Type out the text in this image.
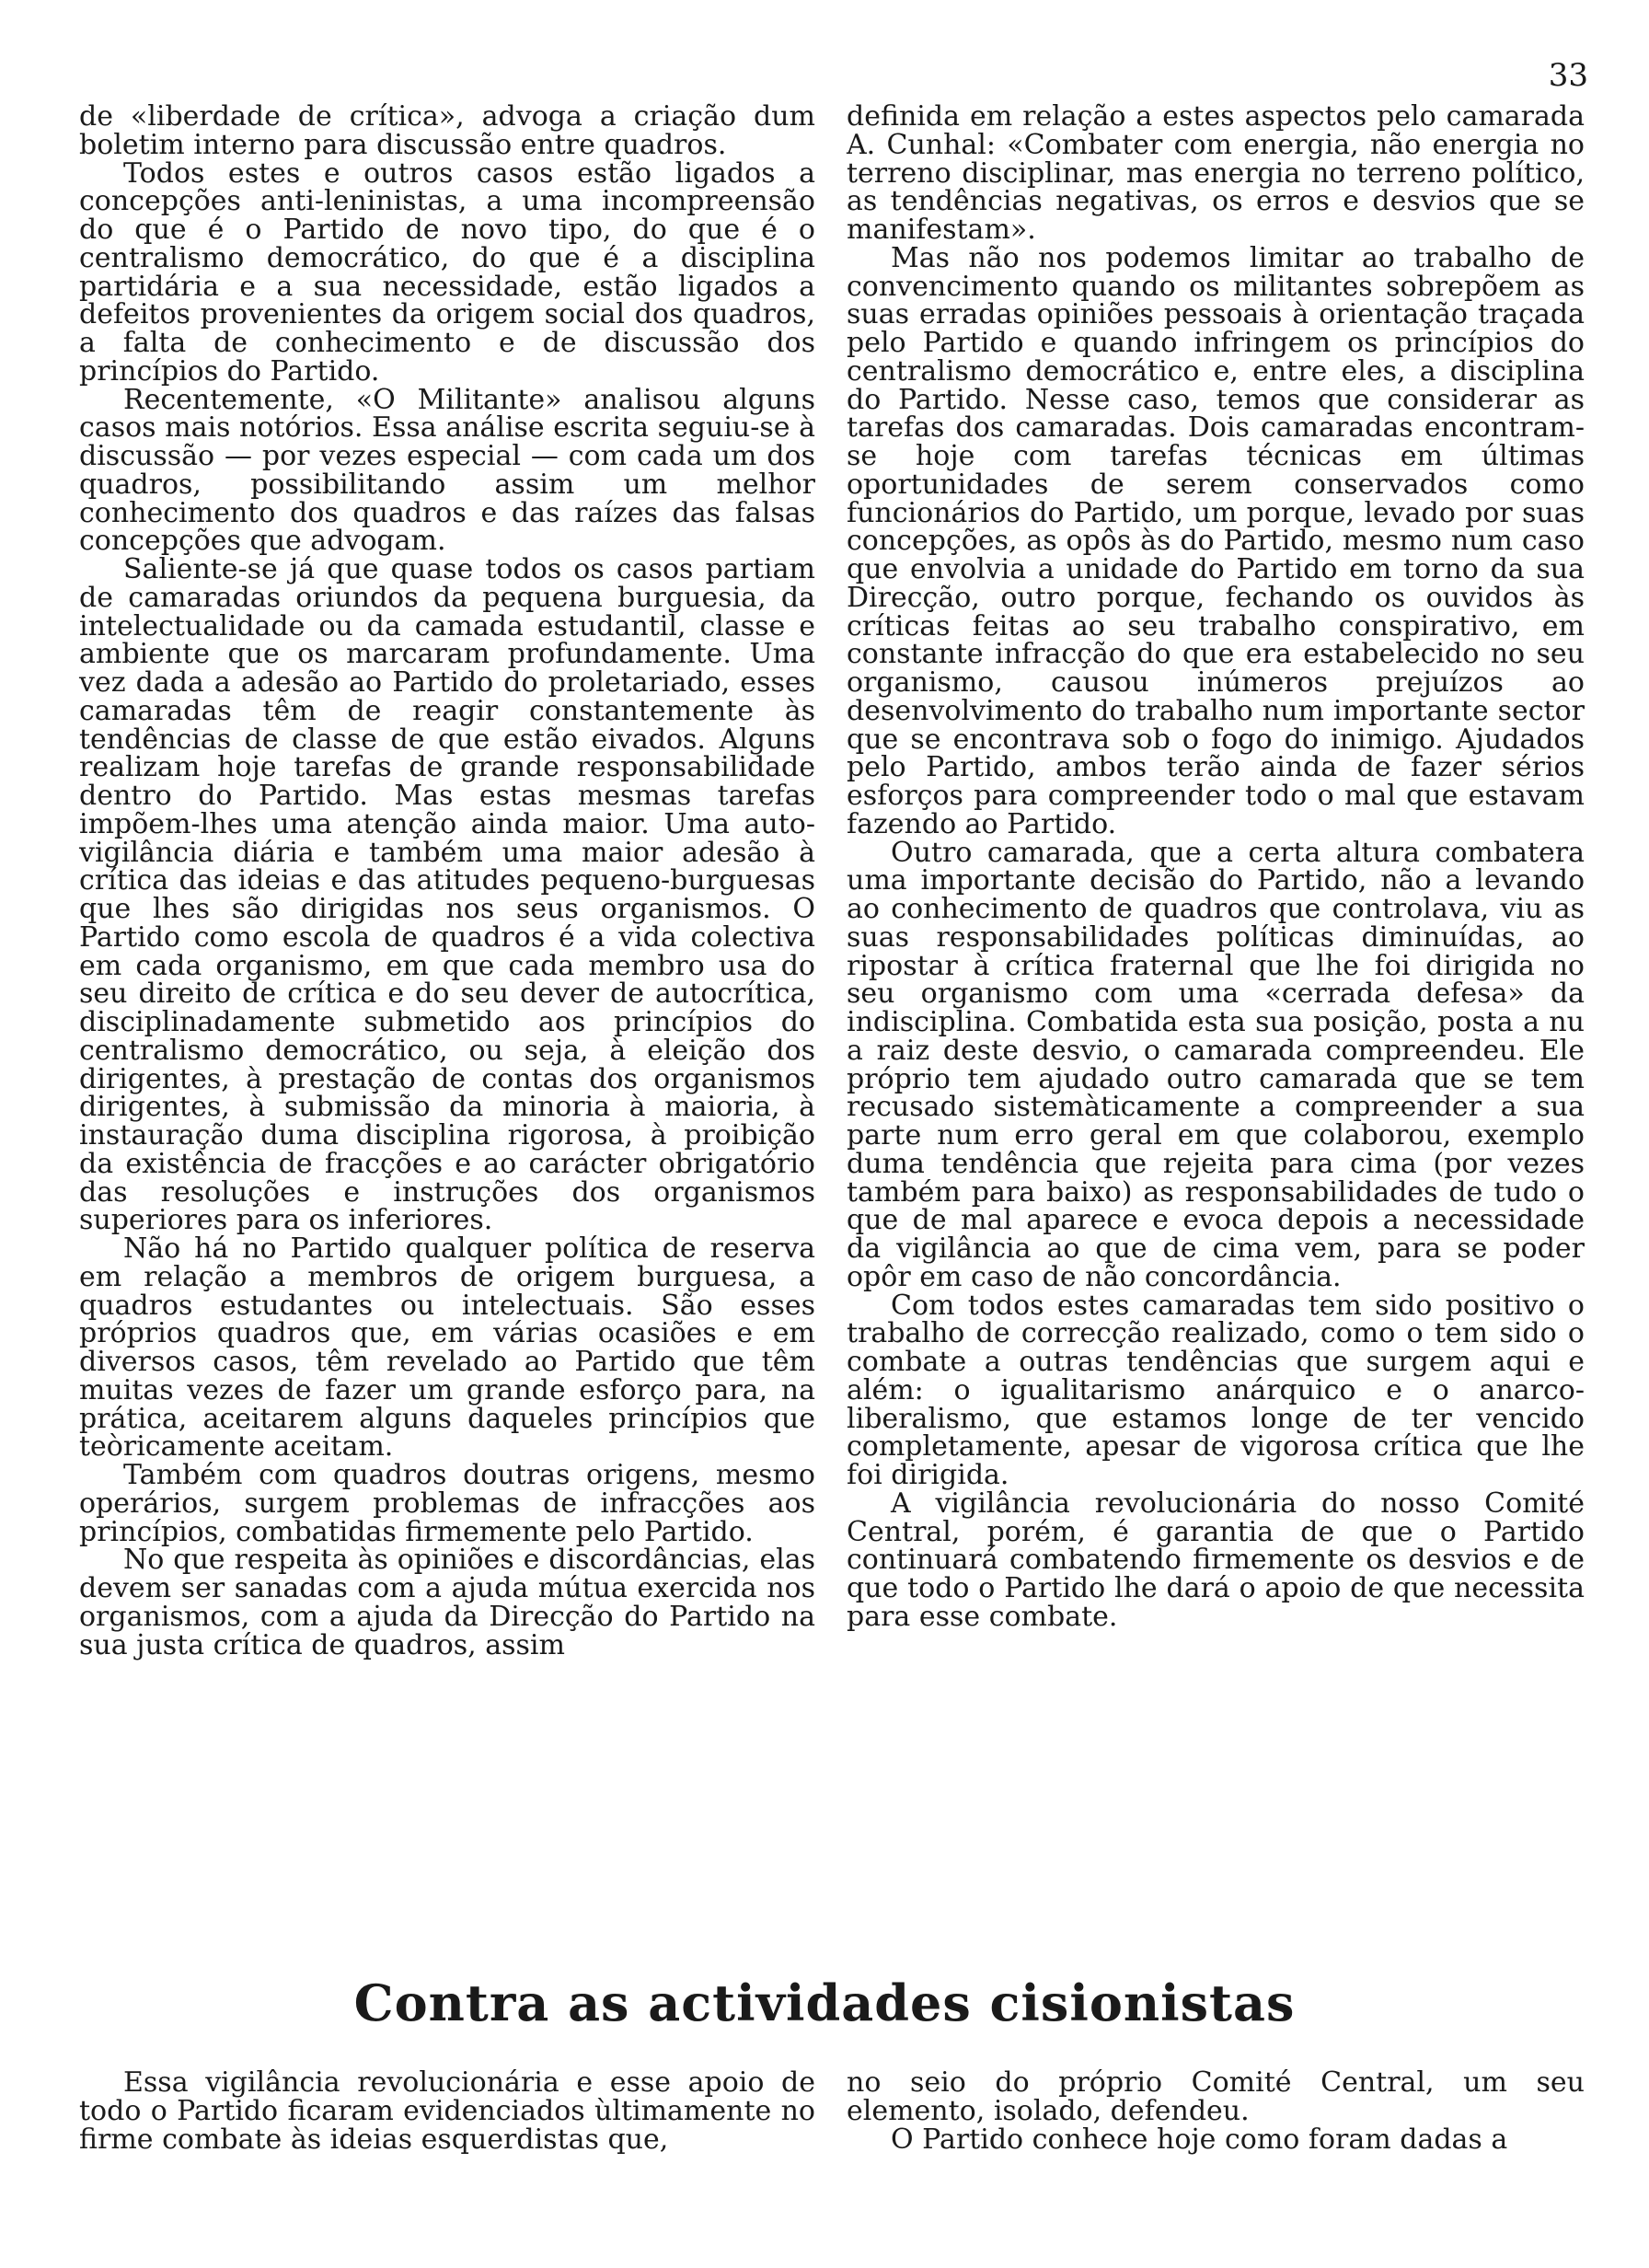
33

de «liberdade de crítica», advoga a criação dum boletim interno para discussão entre quadros.

Todos estes e outros casos estão ligados a concepções anti-leninistas, a uma incompreensão do que é o Partido de novo tipo, do que é o centralismo democrático, do que é a disciplina partidária e a sua necessidade, estão ligados a defeitos provenientes da origem social dos quadros, a falta de conhecimento e de discussão dos princípios do Partido.

Recentemente, «O Militante» analisou alguns casos mais notórios. Essa análise escrita seguiu-se à discussão — por vezes especial — com cada um dos quadros, possibilitando assim um melhor conhecimento dos quadros e das raízes das falsas concepções que advogam.

Saliente-se já que quase todos os casos partiam de camaradas oriundos da pequena burguesia, da intelectualidade ou da camada estudantil, classe e ambiente que os marcaram profundamente. Uma vez dada a adesão ao Partido do proletariado, esses camaradas têm de reagir constantemente às tendências de classe de que estão eivados. Alguns realizam hoje tarefas de grande responsabilidade dentro do Partido. Mas estas mesmas tarefas impõem-lhes uma atenção ainda maior. Uma auto-vigilância diária e também uma maior adesão à crítica das ideias e das atitudes pequeno-burguesas que lhes são dirigidas nos seus organismos. O Partido como escola de quadros é a vida colectiva em cada organismo, em que cada membro usa do seu direito de crítica e do seu dever de autocrítica, disciplinadamente submetido aos princípios do centralismo democrático, ou seja, à eleição dos dirigentes, à prestação de contas dos organismos dirigentes, à submissão da minoria à maioria, à instauração duma disciplina rigorosa, à proibição da existência de fracções e ao carácter obrigatório das resoluções e instruções dos organismos superiores para os inferiores.

Não há no Partido qualquer política de reserva em relação a membros de origem burguesa, a quadros estudantes ou intelectuais. São esses próprios quadros que, em várias ocasiões e em diversos casos, têm revelado ao Partido que têm muitas vezes de fazer um grande esforço para, na prática, aceitarem alguns daqueles princípios que teòricamente aceitam.

Também com quadros doutras origens, mesmo operários, surgem problemas de infracções aos princípios, combatidas firmemente pelo Partido.

No que respeita às opiniões e discordâncias, elas devem ser sanadas com a ajuda mútua exercida nos organismos, com a ajuda da Direcção do Partido na sua justa crítica de quadros, assim

definida em relação a estes aspectos pelo camarada A. Cunhal: «Combater com energia, não energia no terreno disciplinar, mas energia no terreno político, as tendências negativas, os erros e desvios que se manifestam».

Mas não nos podemos limitar ao trabalho de convencimento quando os militantes sobrepõem as suas erradas opiniões pessoais à orientação traçada pelo Partido e quando infringem os princípios do centralismo democrático e, entre eles, a disciplina do Partido. Nesse caso, temos que considerar as tarefas dos camaradas. Dois camaradas encontram-se hoje com tarefas técnicas em últimas oportunidades de serem conservados como funcionários do Partido, um porque, levado por suas concepções, as opôs às do Partido, mesmo num caso que envolvia a unidade do Partido em torno da sua Direcção, outro porque, fechando os ouvidos às críticas feitas ao seu trabalho conspirativo, em constante infracção do que era estabelecido no seu organismo, causou inúmeros prejuízos ao desenvolvimento do trabalho num importante sector que se encontrava sob o fogo do inimigo. Ajudados pelo Partido, ambos terão ainda de fazer sérios esforços para compreender todo o mal que estavam fazendo ao Partido.

Outro camarada, que a certa altura combatera uma importante decisão do Partido, não a levando ao conhecimento de quadros que controlava, viu as suas responsabilidades políticas diminuídas, ao ripostar à crítica fraternal que lhe foi dirigida no seu organismo com uma «cerrada defesa» da indisciplina. Combatida esta sua posição, posta a nu a raiz deste desvio, o camarada compreendeu. Ele próprio tem ajudado outro camarada que se tem recusado sistemàticamente a compreender a sua parte num erro geral em que colaborou, exemplo duma tendência que rejeita para cima (por vezes também para baixo) as responsabilidades de tudo o que de mal aparece e evoca depois a necessidade da vigilância ao que de cima vem, para se poder opôr em caso de não concordância.

Com todos estes camaradas tem sido positivo o trabalho de correcção realizado, como o tem sido o combate a outras tendências que surgem aqui e além: o igualitarismo anárquico e o anarco-liberalismo, que estamos longe de ter vencido completamente, apesar de vigorosa crítica que lhe foi dirigida.

A vigilância revolucionária do nosso Comité Central, porém, é garantia de que o Partido continuará combatendo firmemente os desvios e de que todo o Partido lhe dará o apoio de que necessita para esse combate.

Contra as actividades cisionistas

Essa vigilância revolucionária e esse apoio de todo o Partido ficaram evidenciados ùltimamente no firme combate às ideias esquerdistas que,

no seio do próprio Comité Central, um seu elemento, isolado, defendeu.

O Partido conhece hoje como foram dadas a
